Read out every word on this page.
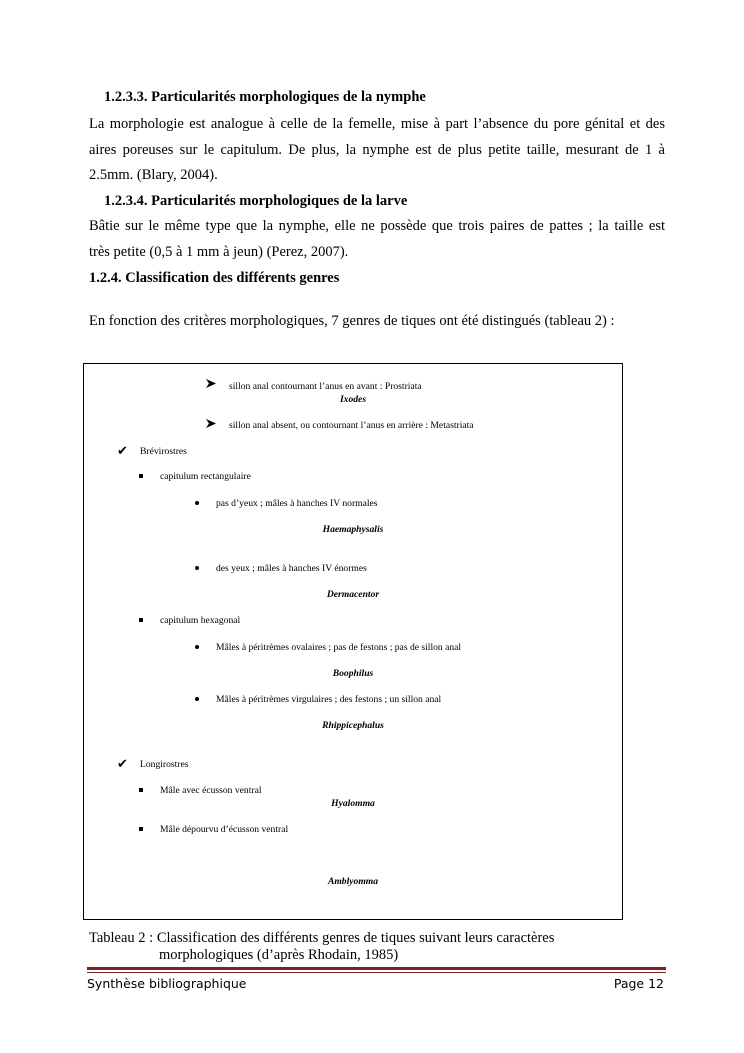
1.2.3.3. Particularités morphologiques de la nymphe
La morphologie est analogue à celle de la femelle, mise à part l’absence du pore génital et des
aires poreuses sur le capitulum. De plus, la nymphe est de plus petite taille, mesurant de 1 à
2.5mm. (Blary, 2004).
1.2.3.4. Particularités morphologiques de la larve
Bâtie sur le même type que la nymphe, elle ne possède que trois paires de pattes ; la taille est
très petite (0,5 à 1 mm à jeun) (Perez, 2007).
1.2.4. Classification des différents genres
En fonction des critères morphologiques, 7 genres de tiques ont été distingués (tableau 2) :
sillon anal contournant l’anus en avant : Prostriata
Ixodes
sillon anal absent, ou contournant l’anus en arrière : Metastriata
✔ Brévirostres
capitulum rectangulaire
pas d’yeux ; mâles à hanches IV normales
Haemaphysalis
des yeux ; mâles à hanches IV énormes
Dermacentor
capitulum hexagonal
Mâles à péritrèmes ovalaires ; pas de festons ; pas de sillon anal
Boophilus
Mâles à péritrèmes virgulaires ; des festons ; un sillon anal
Rhippicephalus
✔ Longirostres
Mâle avec écusson ventral
Hyalomma
Mâle dépourvu d’écusson ventral
Amblyomma
Tableau 2 : Classification des différents genres de tiques suivant leurs caractères
morphologiques (d’après Rhodain, 1985)
Synthèse bibliographique	Page 12
